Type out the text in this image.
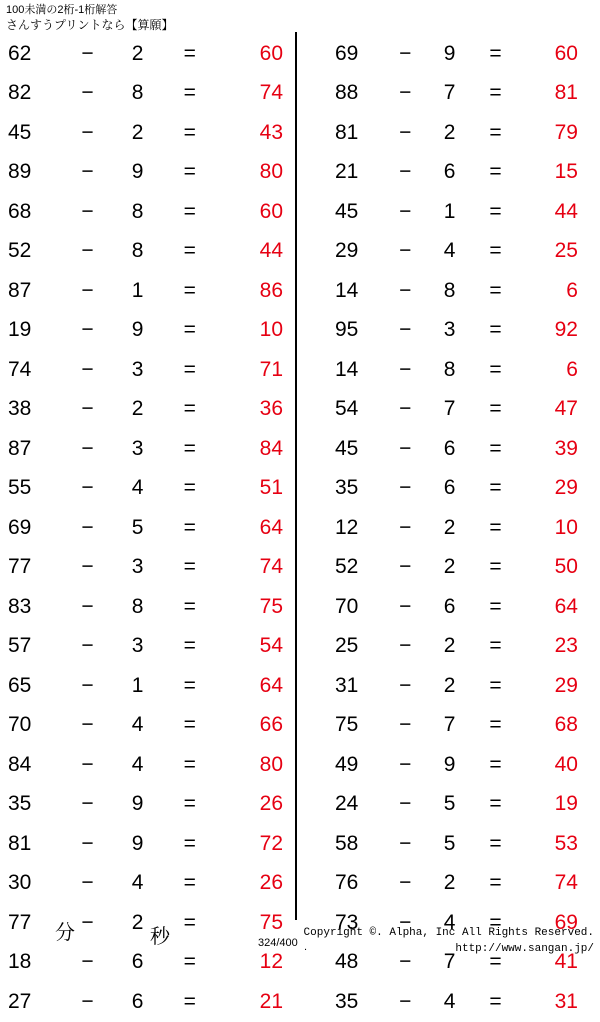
100未満の2桁-1桁解答
さんすうプリントなら【算願】
62	−	2	=	60
82	−	8	=	74
45	−	2	=	43
89	−	9	=	80
68	−	8	=	60
52	−	8	=	44
87	−	1	=	86
19	−	9	=	10
74	−	3	=	71
38	−	2	=	36
87	−	3	=	84
55	−	4	=	51
69	−	5	=	64
77	−	3	=	74
83	−	8	=	75
57	−	3	=	54
65	−	1	=	64
70	−	4	=	66
84	−	4	=	80
35	−	9	=	26
81	−	9	=	72
30	−	4	=	26
77	−	2	=	75
18	−	6	=	12
27	−	6	=	21
69	−	9	=	60
88	−	7	=	81
81	−	2	=	79
21	−	6	=	15
45	−	1	=	44
29	−	4	=	25
14	−	8	=	6
95	−	3	=	92
14	−	8	=	6
54	−	7	=	47
45	−	6	=	39
35	−	6	=	29
12	−	2	=	10
52	−	2	=	50
70	−	6	=	64
25	−	2	=	23
31	−	2	=	29
75	−	7	=	68
49	−	9	=	40
24	−	5	=	19
58	−	5	=	53
76	−	2	=	74
73	−	4	=	69
48	−	7	=	41
35	−	4	=	31
分	秒	324/400 .
Copyright ©. Alpha, Inc All Rights Reserved.
http://www.sangan.jp/
